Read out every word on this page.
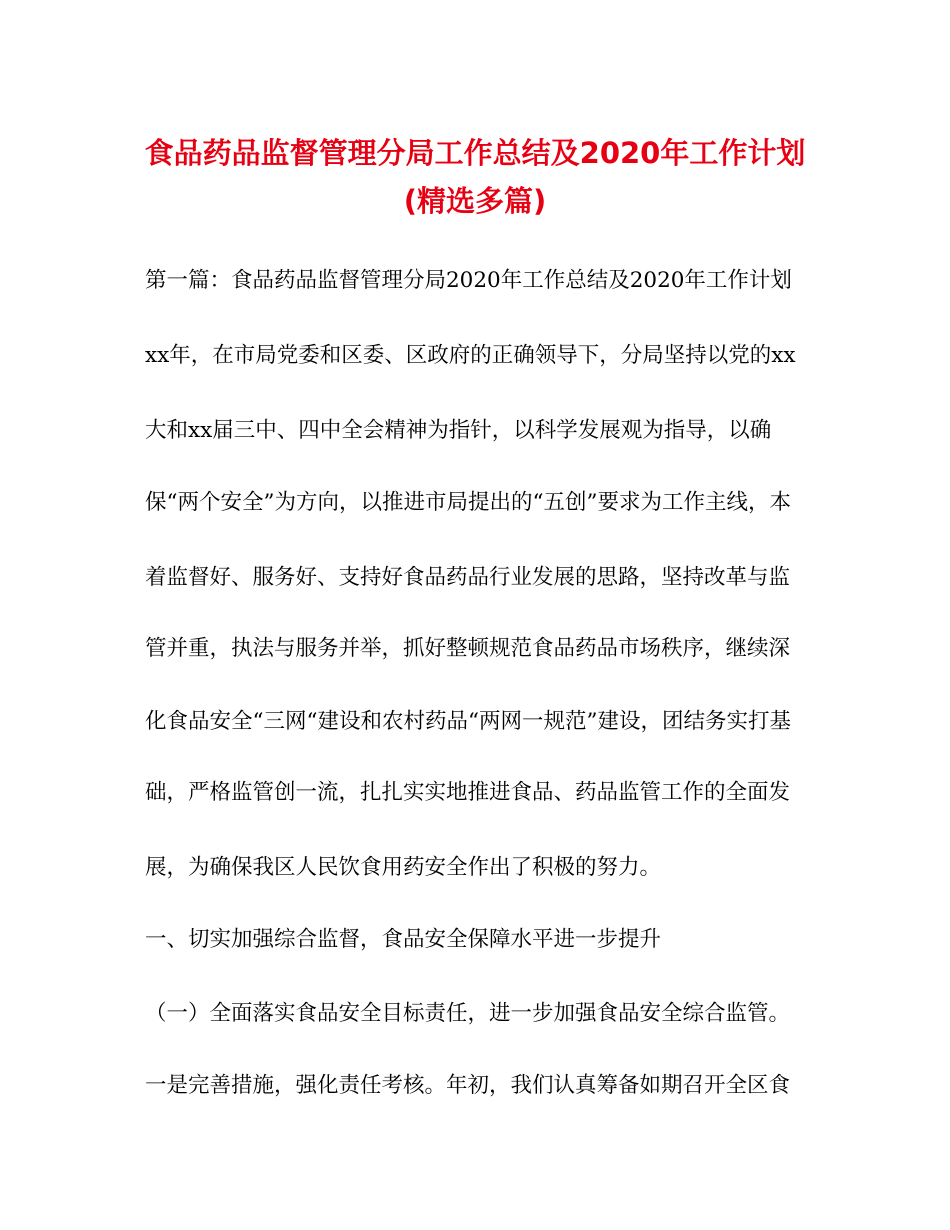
食品药品监督管理分局工作总结及2020年工作计划
(精选多篇)
第一篇：食品药品监督管理分局2020年工作总结及2020年工作计划
xx年，在市局党委和区委、区政府的正确领导下，分局坚持以党的xx
大和xx届三中、四中全会精神为指针，以科学发展观为指导，以确
保“两个安全”为方向，以推进市局提出的“五创”要求为工作主线，本
着监督好、服务好、支持好食品药品行业发展的思路，坚持改革与监
管并重，执法与服务并举，抓好整顿规范食品药品市场秩序，继续深
化食品安全“三网“建设和农村药品“两网一规范”建设，团结务实打基
础，严格监管创一流，扎扎实实地推进食品、药品监管工作的全面发
展，为确保我区人民饮食用药安全作出了积极的努力。
一、切实加强综合监督，食品安全保障水平进一步提升
（一）全面落实食品安全目标责任，进一步加强食品安全综合监管。
一是完善措施，强化责任考核。年初，我们认真筹备如期召开全区食
